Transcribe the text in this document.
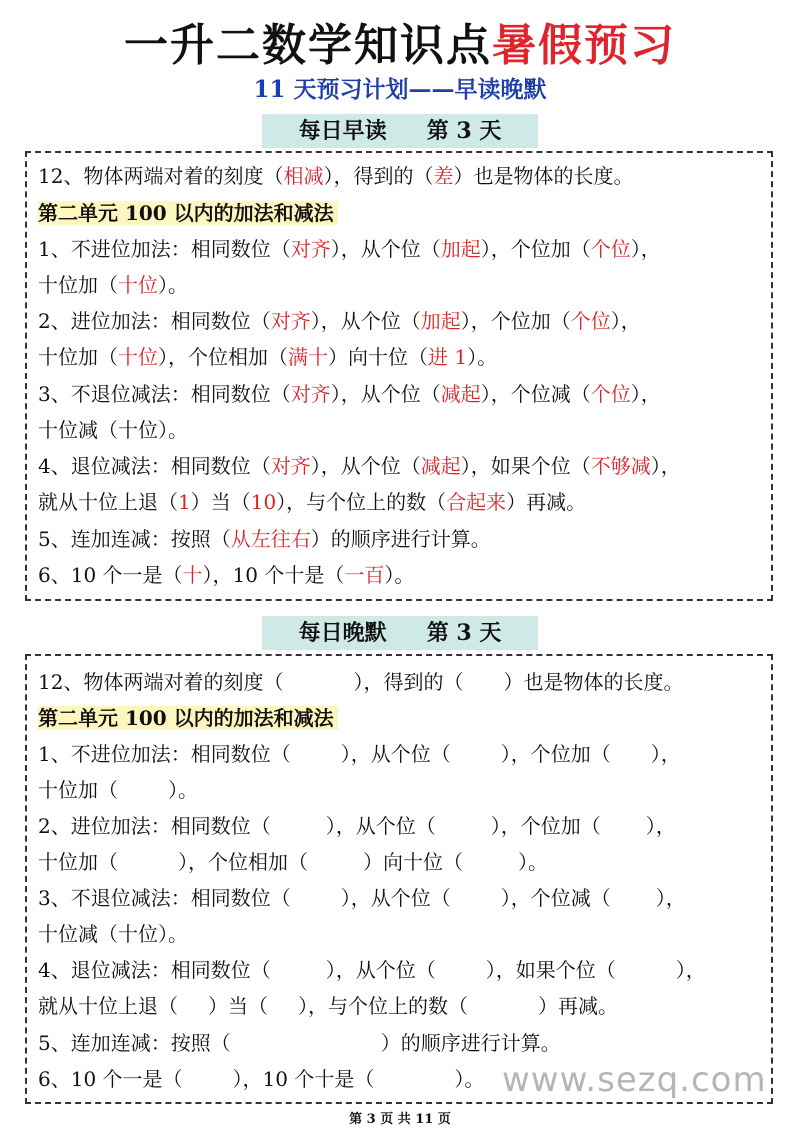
一升二数学知识点暑假预习
11 天预习计划——早读晚默
每日早读 第 3 天
12、物体两端对着的刻度（相减），得到的（差）也是物体的长度。
第二单元 100 以内的加法和减法
1、不进位加法：相同数位（对齐），从个位（加起），个位加（个位），
十位加（十位）。
2、进位加法：相同数位（对齐），从个位（加起），个位加（个位），
十位加（十位），个位相加（满十）向十位（进 1）。
3、不退位减法：相同数位（对齐），从个位（减起），个位减（个位），
十位减（十位）。
4、退位减法：相同数位（对齐），从个位（减起），如果个位（不够减），
就从十位上退（1）当（10），与个位上的数（合起来）再减。
5、连加连减：按照（从左往右）的顺序进行计算。
6、10 个一是（十），10 个十是（一百）。
每日晚默 第 3 天
12、物体两端对着的刻度（	），得到的（ ）也是物体的长度。
第二单元 100 以内的加法和减法
1、不进位加法：相同数位（	），从个位（	），个位加（ ），
十位加（	）。
2、进位加法：相同数位（	），从个位（	），个位加（ ），
十位加（	），个位相加（	）向十位（	）。
3、不退位减法：相同数位（	），从个位（	），个位减（ ），
十位减（十位）。
4、退位减法：相同数位（	），从个位（	），如果个位（	），
就从十位上退（ ）当（ ），与个位上的数（	）再减。
5、连加连减：按照（	）的顺序进行计算。
6、10 个一是（	），10 个十是（	）。 www.sezq.com
第 3 页 共 11 页
